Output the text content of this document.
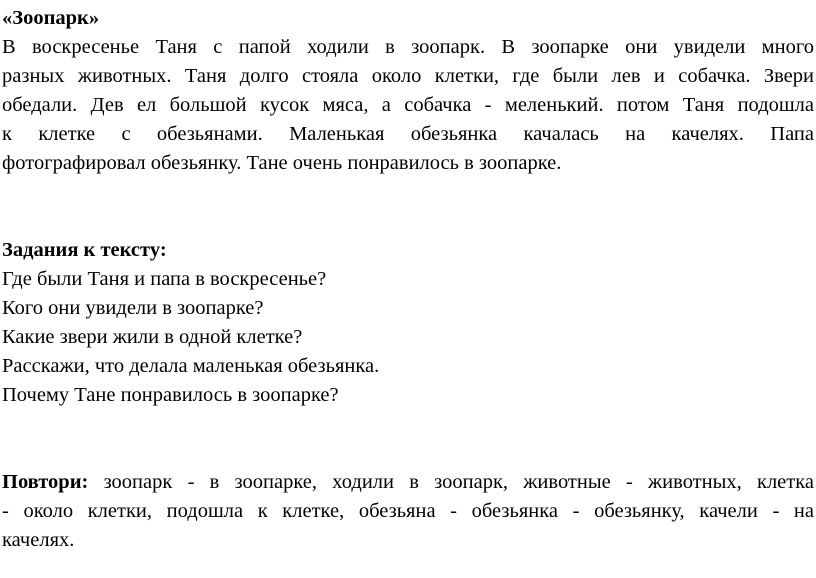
«Зоопарк»
В воскресенье Таня с папой ходили в зоопарк. В зоопарке они увидели много
разных животных. Таня долго стояла около клетки, где были лев и собачка. Звери
обедали. Дев ел большой кусок мяса, а собачка - меленький. потом Таня подошла
к клетке с обезьянами. Маленькая обезьянка качалась на качелях. Папа
фотографировал обезьянку. Тане очень понравилось в зоопарке.
Задания к тексту:
Где были Таня и папа в воскресенье?
Кого они увидели в зоопарке?
Какие звери жили в одной клетке?
Расскажи, что делала маленькая обезьянка.
Почему Тане понравилось в зоопарке?
Повтори: зоопарк - в зоопарке, ходили в зоопарк, животные - животных, клетка
- около клетки, подошла к клетке, обезьяна - обезьянка - обезьянку, качели - на
качелях.
